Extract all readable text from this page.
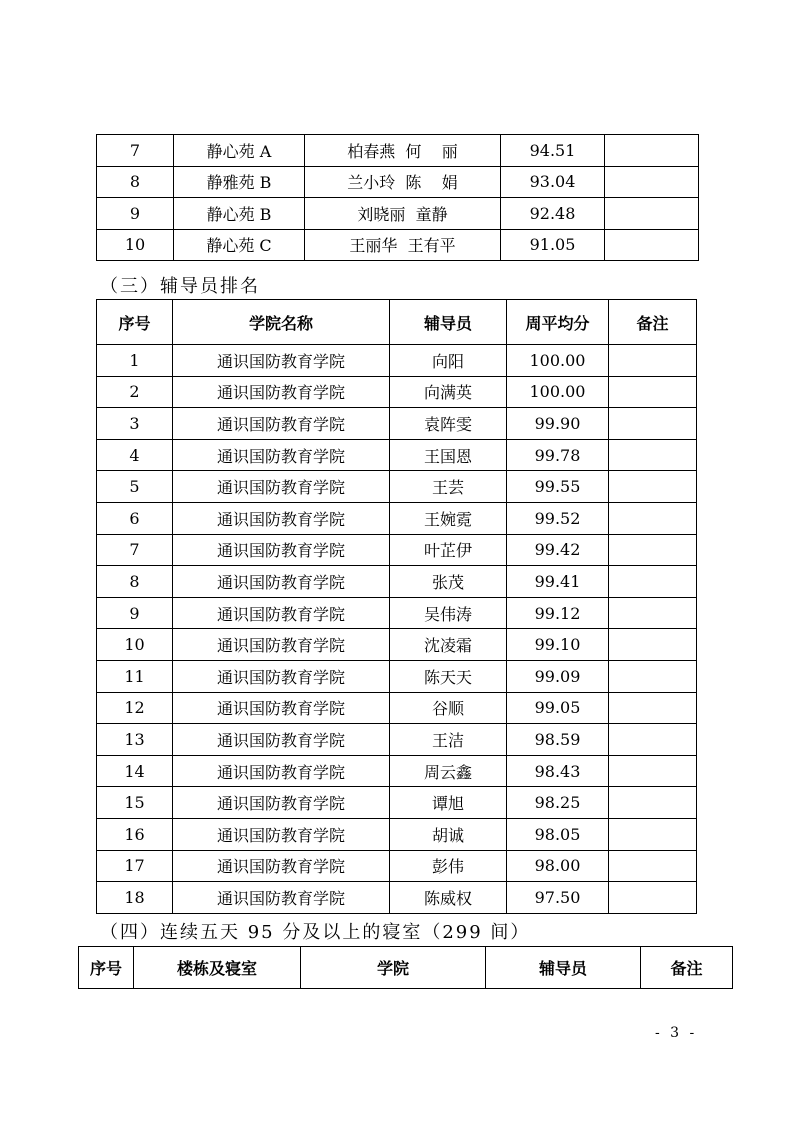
7	静心苑 A	柏春燕  何    丽	94.51	
8	静雅苑 B	兰小玲  陈    娟	93.04	
9	静心苑 B	刘晓丽  童静	92.48	
10	静心苑 C	王丽华  王有平	91.05	
（三）辅导员排名
序号	学院名称	辅导员	周平均分	备注
1	通识国防教育学院	向阳	100.00	
2	通识国防教育学院	向满英	100.00	
3	通识国防教育学院	袁阵雯	99.90	
4	通识国防教育学院	王国恩	99.78	
5	通识国防教育学院	王芸	99.55	
6	通识国防教育学院	王婉霓	99.52	
7	通识国防教育学院	叶芷伊	99.42	
8	通识国防教育学院	张茂	99.41	
9	通识国防教育学院	吴伟涛	99.12	
10	通识国防教育学院	沈凌霜	99.10	
11	通识国防教育学院	陈天天	99.09	
12	通识国防教育学院	谷顺	99.05	
13	通识国防教育学院	王洁	98.59	
14	通识国防教育学院	周云鑫	98.43	
15	通识国防教育学院	谭旭	98.25	
16	通识国防教育学院	胡诚	98.05	
17	通识国防教育学院	彭伟	98.00	
18	通识国防教育学院	陈威权	97.50	
（四）连续五天 95 分及以上的寝室（299 间）
序号	楼栋及寝室	学院	辅导员	备注
- 3 -
